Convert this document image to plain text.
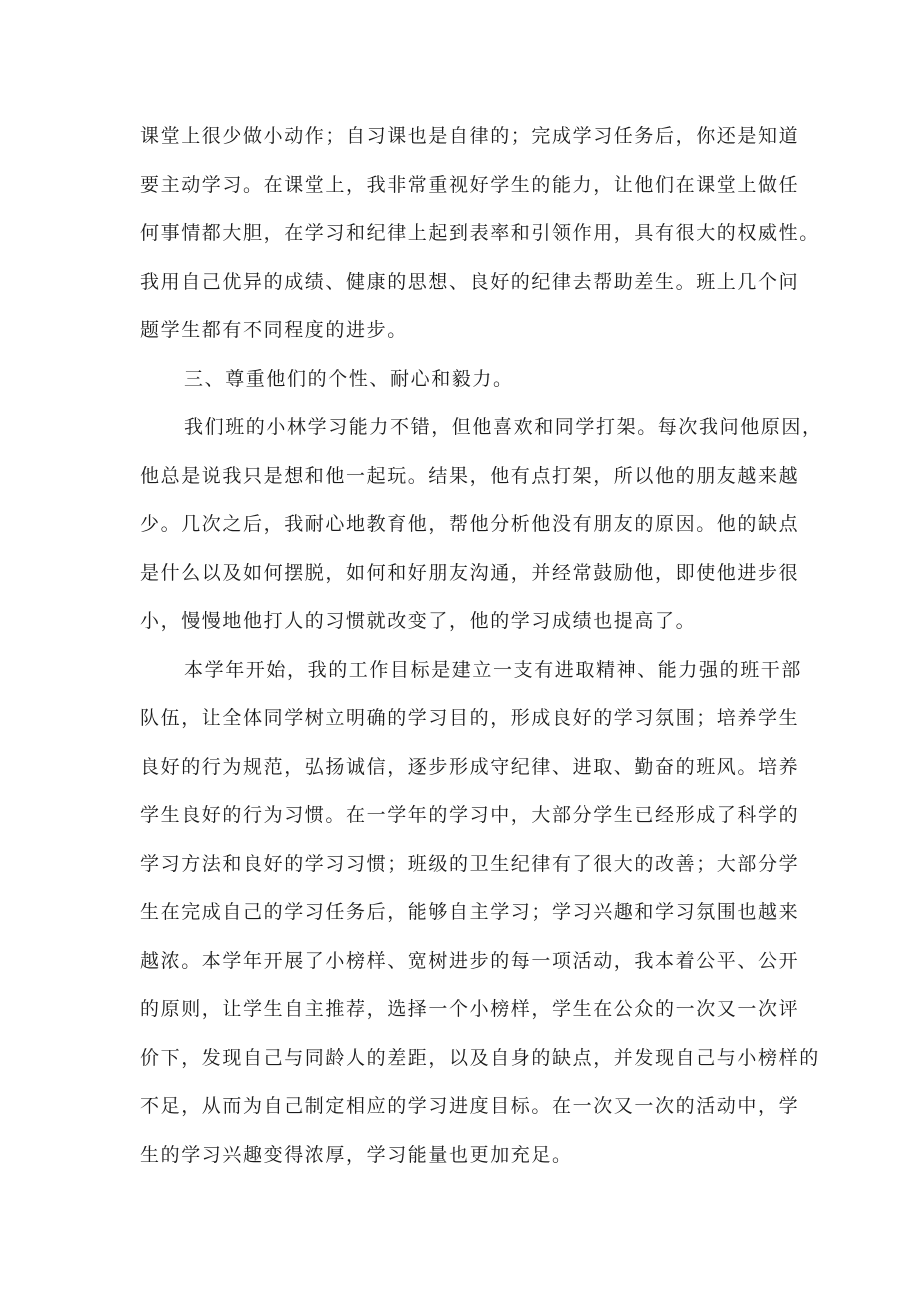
课堂上很少做小动作；自习课也是自律的；完成学习任务后，你还是知道
要主动学习。在课堂上，我非常重视好学生的能力，让他们在课堂上做任
何事情都大胆，在学习和纪律上起到表率和引领作用，具有很大的权威性。
我用自己优异的成绩、健康的思想、良好的纪律去帮助差生。班上几个问
题学生都有不同程度的进步。
三、尊重他们的个性、耐心和毅力。
我们班的小林学习能力不错，但他喜欢和同学打架。每次我问他原因，
他总是说我只是想和他一起玩。结果，他有点打架，所以他的朋友越来越
少。几次之后，我耐心地教育他，帮他分析他没有朋友的原因。他的缺点
是什么以及如何摆脱，如何和好朋友沟通，并经常鼓励他，即使他进步很
小，慢慢地他打人的习惯就改变了，他的学习成绩也提高了。
本学年开始，我的工作目标是建立一支有进取精神、能力强的班干部
队伍，让全体同学树立明确的学习目的，形成良好的学习氛围；培养学生
良好的行为规范，弘扬诚信，逐步形成守纪律、进取、勤奋的班风。培养
学生良好的行为习惯。在一学年的学习中，大部分学生已经形成了科学的
学习方法和良好的学习习惯；班级的卫生纪律有了很大的改善；大部分学
生在完成自己的学习任务后，能够自主学习；学习兴趣和学习氛围也越来
越浓。本学年开展了小榜样、宽树进步的每一项活动，我本着公平、公开
的原则，让学生自主推荐，选择一个小榜样，学生在公众的一次又一次评
价下，发现自己与同龄人的差距，以及自身的缺点，并发现自己与小榜样的
不足，从而为自己制定相应的学习进度目标。在一次又一次的活动中，学
生的学习兴趣变得浓厚，学习能量也更加充足。
